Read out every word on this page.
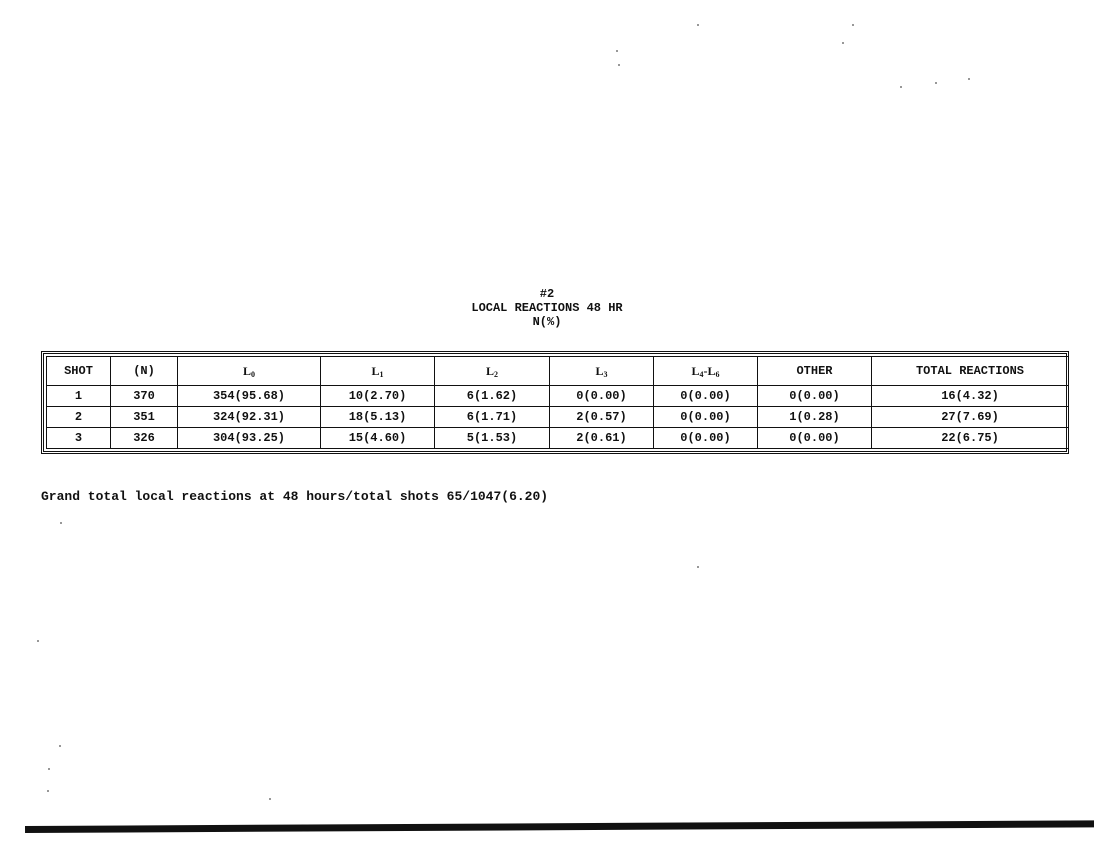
#2
LOCAL REACTIONS 48 HR
N(%)
SHOT	(N)	$L_0$	$L_1$	$L_2$	$L_3$	$L_4-L_6$	OTHER	TOTAL REACTIONS
1	370	354(95.68)	10(2.70)	6(1.62)	0(0.00)	0(0.00)	0(0.00)	16(4.32)
2	351	324(92.31)	18(5.13)	6(1.71)	2(0.57)	0(0.00)	1(0.28)	27(7.69)
3	326	304(93.25)	15(4.60)	5(1.53)	2(0.61)	0(0.00)	0(0.00)	22(6.75)
Grand total local reactions at 48 hours/total shots 65/1047(6.20)
